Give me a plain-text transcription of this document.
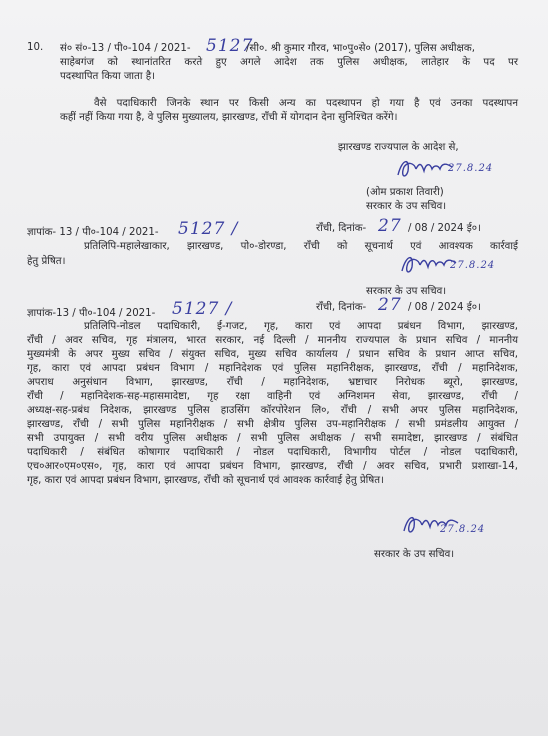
10. सं० सं०-13 / पी०-104 / 2021- 5127
/सी०. श्री कुमार गौरव, भा०पु०से० (2017), पुलिस अधीक्षक,
साहेबगंज को स्थानांतरित करते हुए अगले आदेश तक पुलिस अधीक्षक, लातेहार के पद पर
पदस्थापित किया जाता है।
वैसे पदाधिकारी जिनके स्थान पर किसी अन्य का पदस्थापन हो गया है एवं उनका पदस्थापन
कहीं नहीं किया गया है, वे पुलिस मुख्यालय, झारखण्ड, राँची में योगदान देना सुनिश्चित करेंगे।
झारखण्ड राज्यपाल के आदेश से,
27.8.24
(ओम प्रकाश तिवारी)
सरकार के उप सचिव।
ज्ञापांक- 13 / पी०-104 / 2021- 5127 /	राँची, दिनांक- 27 / 08 / 2024 ई०।
प्रतिलिपि-महालेखाकार, झारखण्ड, पो०-डोरण्डा, राँची को सूचनार्थ एवं आवश्यक कार्रवाई
हेतु प्रेषित।	27.8.24
सरकार के उप सचिव।
ज्ञापांक-13 / पी०-104 / 2021- 5127 /	राँची, दिनांक- 27 / 08 / 2024 ई०।
प्रतिलिपि-नोडल पदाधिकारी, ई-गजट, गृह, कारा एवं आपदा प्रबंधन विभाग, झारखण्ड,
राँची / अवर सचिव, गृह मंत्रालय, भारत सरकार, नई दिल्ली / माननीय राज्यपाल के प्रधान सचिव / माननीय
मुख्यमंत्री के अपर मुख्य सचिव / संयुक्त सचिव, मुख्य सचिव कार्यालय / प्रधान सचिव के प्रधान आप्त सचिव,
गृह, कारा एवं आपदा प्रबंधन विभाग / महानिदेशक एवं पुलिस महानिरीक्षक, झारखण्ड, राँची / महानिदेशक,
अपराध अनुसंधान विभाग, झारखण्ड, राँची / महानिदेशक, भ्रष्टाचार निरोधक ब्यूरो, झारखण्ड,
राँची / महानिदेशक-सह-महासमादेष्टा, गृह रक्षा वाहिनी एवं अग्निशमन सेवा, झारखण्ड, राँची /
अध्यक्ष-सह-प्रबंध निदेशक, झारखण्ड पुलिस हाउसिंग कॉरपोरेशन लि०, राँची / सभी अपर पुलिस महानिदेशक,
झारखण्ड, राँची / सभी पुलिस महानिरीक्षक / सभी क्षेत्रीय पुलिस उप-महानिरीक्षक / सभी प्रमंडलीय आयुक्त /
सभी उपायुक्त / सभी वरीय पुलिस अधीक्षक / सभी पुलिस अधीक्षक / सभी समादेष्टा, झारखण्ड / संबंधित
पदाधिकारी / संबंधित कोषागार पदाधिकारी / नोडल पदाधिकारी, विभागीय पोर्टल / नोडल पदाधिकारी,
एच०आर०एम०एस०, गृह, कारा एवं आपदा प्रबंधन विभाग, झारखण्ड, राँची / अवर सचिव, प्रभारी प्रशाखा-14,
गृह, कारा एवं आपदा प्रबंधन विभाग, झारखण्ड, राँची को सूचनार्थ एवं आवश्क कार्रवाई हेतु प्रेषित।
27.8.24
सरकार के उप सचिव।
